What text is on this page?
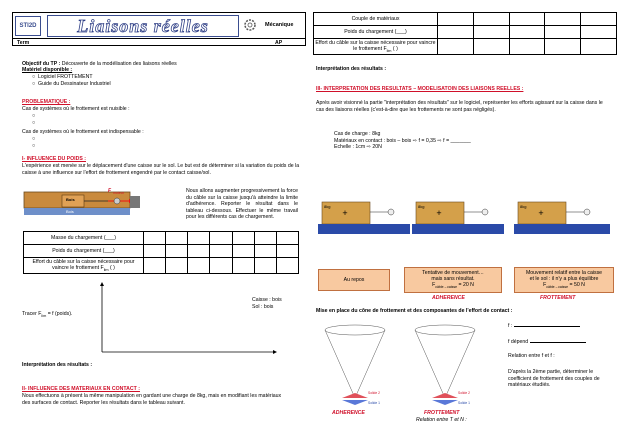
STI2D Liaisons réelles	Mécanique
Term	AP
Objectif du TP : Découverte de la modélisation des liaisons réelles
Matériel disponible :
○  Logiciel FROTTEMENT
○  Guide du Dessinateur Industriel
PROBLEMATIQUE :
Cas de systèmes où le frottement est nuisible :
○
○
Cas de systèmes où le frottement est indispensable :
○
○
I- INFLUENCE DU POIDS :
L'expérience est menée sur le déplacement d'une caisse sur le sol. Le but est de déterminer si la variation du poids de la caisse à une influence sur l'effort de frottement engendré par le contact caisse/sol.
Bois
Bois
F moteur	Nous allons augmenter progressivement la force du câble sur la caisse jusqu'à atteindre la limite d'adhérence. Reporter le résultat dans le tableau ci-dessous. Effectuer le même travail pour les différents cas de chargement.
Masse du chargement (___)							
Poids du chargement (___)							
Effort du câble sur la caisse nécessaire pour vaincre le frottement $F_{lim}$ ( )							
Caisse : bois
Sol : bois
Tracer $F_{lim} = f$ (poids).
Interprétation des résultats :
II- INFLUENCE DES MATERIAUX EN CONTACT :
Nous effectuons à présent la même manipulation en gardant une charge de 8kg, mais en modifiant les matériaux des surfaces de contact. Reporter les résultats dans le tableau suivant.
Couple de matériaux					
Poids du chargement (___)					
Effort du câble sur la caisse nécessaire pour vaincre le frottement $F_{lim}$ ( )					
Interprétation des résultats :
III- INTERPRETATION DES RESULTATS – MODELISATOIN DES LIAISONS REELLES :
Après avoir visionné la partie "interprétation des résultats" sur le logiciel, représenter les efforts agissant sur la caisse dans le cas des liaisons réelles (c'est-à-dire que les frottements ne sont pas négligés).
Cas de charge : 8kg
Matériaux en contact : bois – bois ⇨ f = 0,35 ⇨ f = _______
Echelle : 1cm ⇨ 20N
+
8kg
+
8kg
+
8kg
Au repos
Tentative de mouvement…
mais sans résultat.
$F_{câble\to caisse} = 20$ N
Mouvement relatif entre la caisse
et le sol : il n'y a plus équilibre
$F_{câble\to caisse} = 50$ N
ADHERENCE	FROTTEMENT
Mise en place du cône de frottement et des composantes de l'effort de contact :
Solide 2
Solide 1
Solide 2
Solide 1
ADHERENCE	FROTTEMENT
Relation entre T et N :
f :
f dépend
Relation entre f et f :
D'après la 2ème partie, déterminer le coefficient de frottement des couples de matériaux étudiés.
